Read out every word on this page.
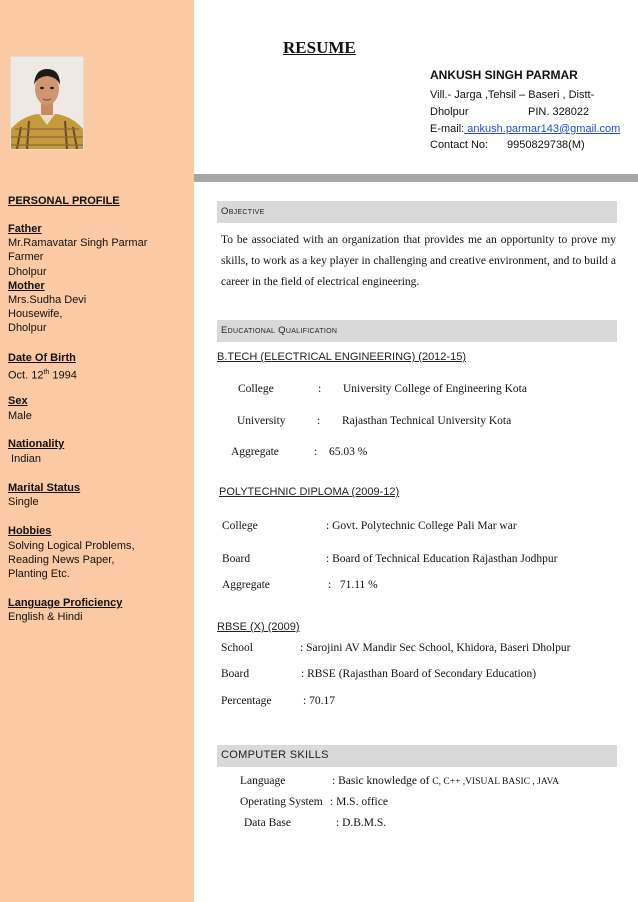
PERSONAL PROFILE
Father
Mr.Ramavatar Singh Parmar
Farmer
Dholpur
Mother
Mrs.Sudha Devi
Housewife,
Dholpur
Date Of Birth
Oct. 12th 1994
Sex
Male
Nationality
Indian
Marital Status
Single
Hobbies
Solving Logical Problems,
Reading News Paper,
Planting Etc.
Language Proficiency
English & Hindi
RESUME
ANKUSH SINGH PARMAR
Vill.- Jarga ,Tehsil – Baseri , Distt-
Dholpur	PIN. 328022
E-mail: ankush.parmar143@gmail.com
Contact No: 9950829738(M)
Objective
To be associated with an organization that provides me an opportunity to prove my skills, to work as a key player in challenging and creative environment, and to build a career in the field of electrical engineering.
Educational Qualification
B.TECH (ELECTRICAL ENGINEERING) (2012-15)
College	: University College of Engineering Kota
University	: Rajasthan Technical University Kota
Aggregate	: 65.03 %
POLYTECHNIC DIPLOMA (2009-12)
College	: Govt. Polytechnic College Pali Mar war
Board	: Board of Technical Education Rajasthan Jodhpur
Aggregate	:   71.11 %
RBSE (X) (2009)
School	: Sarojini AV Mandir Sec School, Khidora, Baseri Dholpur
Board	: RBSE (Rajasthan Board of Secondary Education)
Percentage	: 70.17
COMPUTER SKILLS
Language	: Basic knowledge of C, C++ ,VISUAL BASIC , JAVA
Operating System : M.S. office
Data Base	: D.B.M.S.
